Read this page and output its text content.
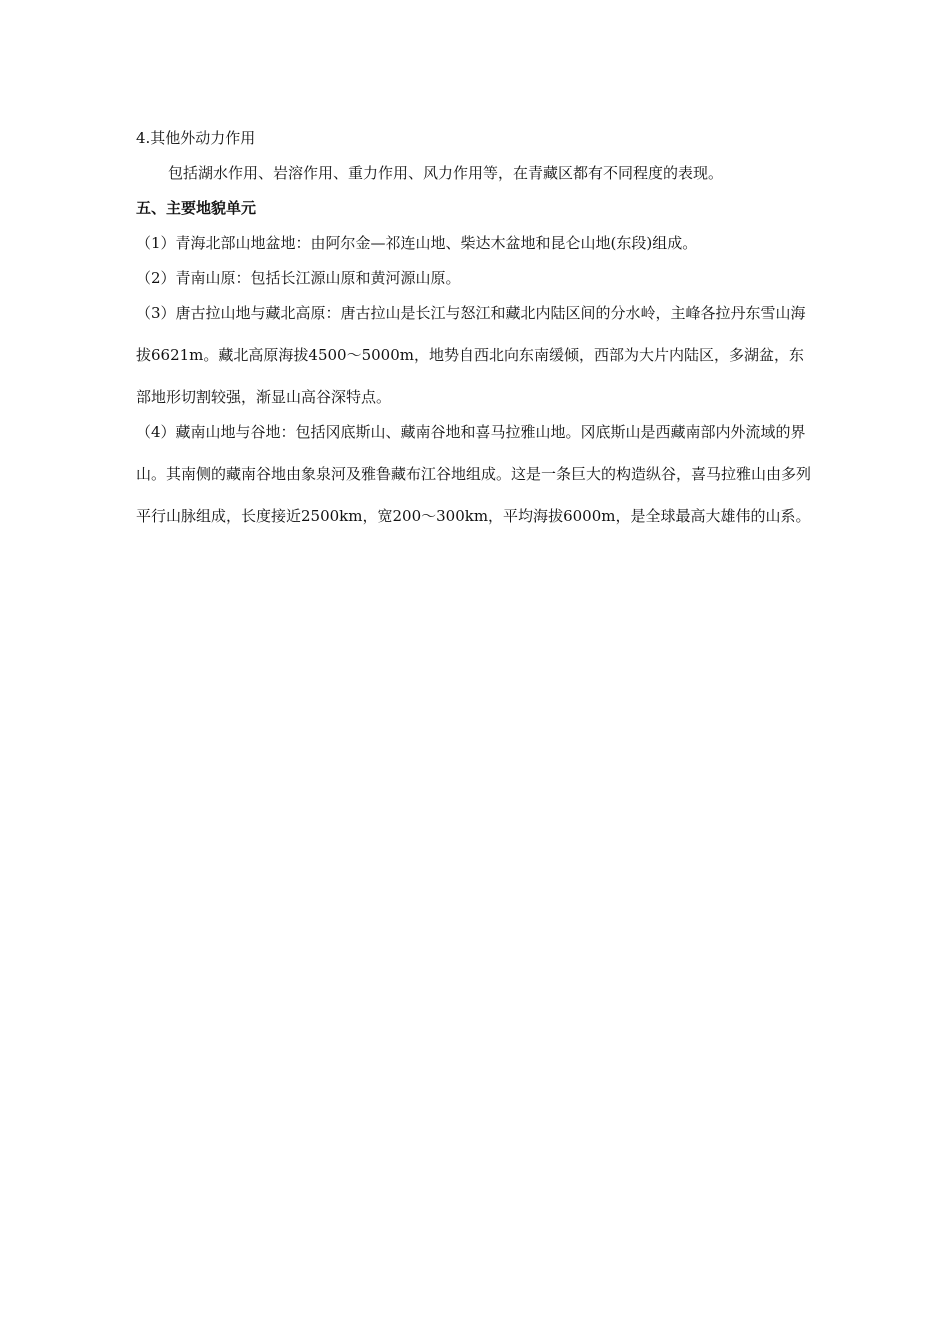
4.其他外动力作用

包括湖水作用、岩溶作用、重力作用、风力作用等，在青藏区都有不同程度的表现。

五、主要地貌单元

（1）青海北部山地盆地：由阿尔金—祁连山地、柴达木盆地和昆仑山地(东段)组成。

（2）青南山原：包括长江源山原和黄河源山原。

（3）唐古拉山地与藏北高原：唐古拉山是长江与怒江和藏北内陆区间的分水岭，主峰各拉丹东雪山海拔6621m。藏北高原海拔4500～5000m，地势自西北向东南缓倾，西部为大片内陆区，多湖盆，东部地形切割较强，渐显山高谷深特点。

（4）藏南山地与谷地：包括冈底斯山、藏南谷地和喜马拉雅山地。冈底斯山是西藏南部内外流域的界山。其南侧的藏南谷地由象泉河及雅鲁藏布江谷地组成。这是一条巨大的构造纵谷，喜马拉雅山由多列平行山脉组成，长度接近2500km，宽200～300km，平均海拔6000m，是全球最高大雄伟的山系。
